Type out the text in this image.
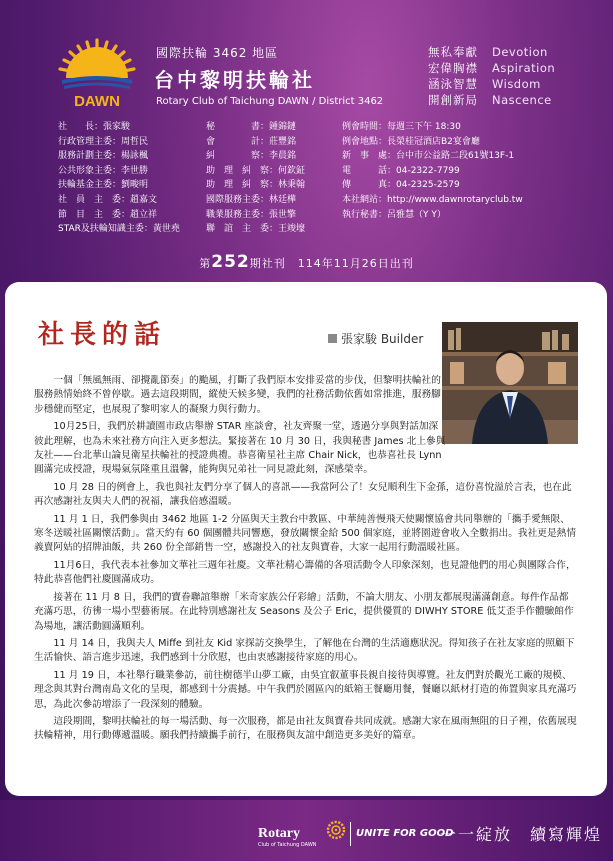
DAWN
國際扶輪 3462 地區
台中黎明扶輪社
Rotary Club of Taichung DAWN / District 3462
無私奉獻	Devotion
宏偉胸襟	Aspiration
涵泳智慧	Wisdom
開創新局	Nascence
社　　長：張家駿
行政管理主委：周哲民
服務計劃主委：楊詠楓
公共形象主委：李世勝
扶輪基金主委：劉畯明
社　員　主　委：趙嘉文
節　目　主　委：趙立祥
STAR及扶輪知識主委：黃世堯
秘　　　　書：鍾錦鏈
會　　　　計：莊豐銘
糾　　　　察：李晨銘
助　理　糾　察：何欽鉦
助　理　糾　察：林秉翰
國際服務主委：林廷樺
職業服務主委：張世擎
聯　誼　主　委：王竣壕
例會時間：每週三下午 18:30
例會地點：長榮桂冠酒店B2宴會廳
新　事　處：台中市公益路二段61號13F-1
電　　　話：04-2322-7799
傳　　　真：04-2325-2579
本社網站：http://www.dawnrotaryclub.tw
執行秘書：呂雅慧（Y Y）
第252期社刊　114年11月26日出刊
社長的話	張家駿 Builder

一個「無風無雨、卻攪亂節奏」的颱風，打斷了我們原本安排妥當的步伐，但黎明扶輪社的服務熱情始終不曾停歇。過去這段期間，縱使天候多變，我們的社務活動依舊如常推進，服務腳步穩健而堅定，也展現了黎明家人的凝聚力與行動力。

10月25日，我們於耕讀園市政店舉辦 STAR 座談會，社友齊聚一堂，透過分享與對話加深彼此理解，也為未來社務方向注入更多想法。緊接著在 10 月 30 日，我與秘書 James 北上參與友社——台北華山論見衛星扶輪社的授證典禮。恭喜衛星社主席 Chair Nick，也恭喜社長 Lynn 圓滿完成授證，現場氣氛隆重且溫馨，能夠與兄弟社一同見證此刻，深感榮幸。

10 月 28 日的例會上，我也與社友們分享了個人的喜訊——我當阿公了！女兒順利生下金孫，這份喜悅溢於言表，也在此再次感謝社友與夫人們的祝福，讓我倍感溫暖。

11 月 1 日，我們參與由 3462 地區 1-2 分區與天主教台中教區、中華純善慢飛天使關懷協會共同舉辦的「攜手愛無限、寒冬送暖社區關懷活動」。當天約有 60 個團體共同響應，發放關懷金給 500 個家庭，並將園遊會收入全數捐出。我社更是熱情義賣阿姑的招牌油飯，共 260 份全部銷售一空，感謝投入的社友與寶眷，大家一起用行動溫暖社區。

11月6日，我代表本社參加文華社三週年社慶。文華社精心籌備的各項活動令人印象深刻，也見證他們的用心與團隊合作，特此恭喜他們社慶圓滿成功。

接著在 11 月 8 日，我們的寶眷聯誼舉辦「米奇家族公仔彩繪」活動，不論大朋友、小朋友都展現滿滿創意。每件作品都充滿巧思，彷彿一場小型藝術展。在此特別感謝社友 Seasons 及公子 Eric，提供優質的 DIWHY STORE 低艾歪手作體驗館作為場地，讓活動圓滿順利。

11 月 14 日，我與夫人 Miffe 到社友 Kid 家探訪交換學生，了解他在台灣的生活適應狀況。得知孩子在社友家庭的照顧下生活愉快、語言進步迅速，我們感到十分欣慰，也由衷感謝接待家庭的用心。

11 月 19 日，本社舉行職業參訪，前往樹德半山夢工廠，由吳宜叡董事長親自接待與導覽。社友們對於觀光工廠的規模、理念與其對台灣南島文化的呈現，都感到十分震撼。中午我們於園區內的紙箱王餐廳用餐，餐廳以紙材打造的佈置與家具充滿巧思，為此次參訪增添了一段深刻的體驗。

這段期間，黎明扶輪社的每一場活動、每一次服務，都是由社友與寶眷共同成就。感謝大家在風雨無阻的日子裡，依舊展現扶輪精神，用行動傳遞溫暖。願我們持續攜手前行，在服務與友誼中創造更多美好的篇章。

Rotary
Club of Taichung DAWN
UNITE FOR GOOD
一一綻放　續寫輝煌
